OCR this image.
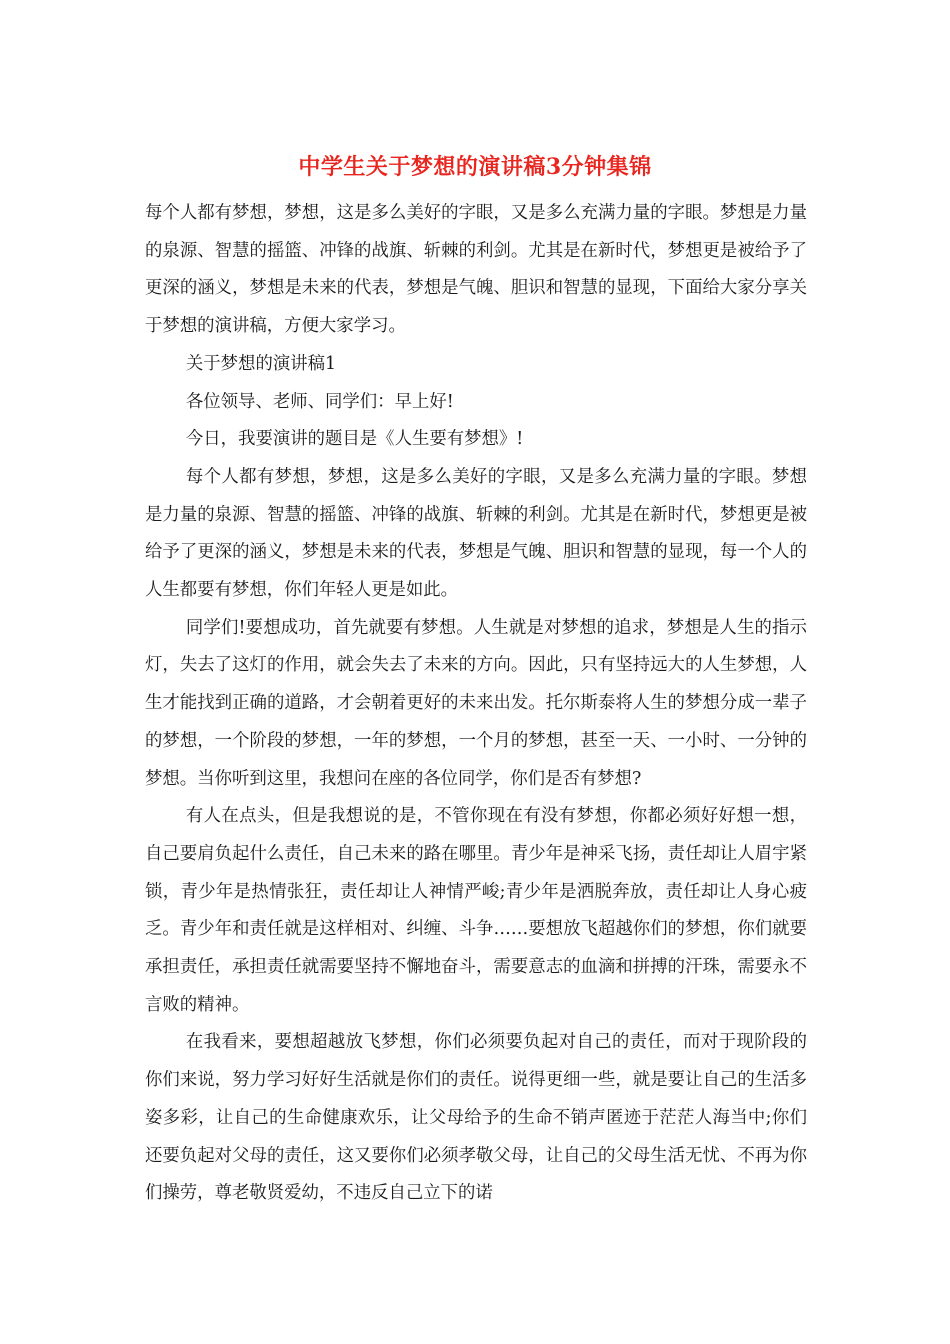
中学生关于梦想的演讲稿3分钟集锦

每个人都有梦想，梦想，这是多么美好的字眼，又是多么充满力量的字眼。梦想是力量的泉源、智慧的摇篮、冲锋的战旗、斩棘的利剑。尤其是在新时代，梦想更是被给予了更深的涵义，梦想是未来的代表，梦想是气魄、胆识和智慧的显现，下面给大家分享关于梦想的演讲稿，方便大家学习。

关于梦想的演讲稿1

各位领导、老师、同学们：早上好!

今日，我要演讲的题目是《人生要有梦想》!

每个人都有梦想，梦想，这是多么美好的字眼，又是多么充满力量的字眼。梦想是力量的泉源、智慧的摇篮、冲锋的战旗、斩棘的利剑。尤其是在新时代，梦想更是被给予了更深的涵义，梦想是未来的代表，梦想是气魄、胆识和智慧的显现，每一个人的人生都要有梦想，你们年轻人更是如此。

同学们!要想成功，首先就要有梦想。人生就是对梦想的追求，梦想是人生的指示灯，失去了这灯的作用，就会失去了未来的方向。因此，只有坚持远大的人生梦想，人生才能找到正确的道路，才会朝着更好的未来出发。托尔斯泰将人生的梦想分成一辈子的梦想，一个阶段的梦想，一年的梦想，一个月的梦想，甚至一天、一小时、一分钟的梦想。当你听到这里，我想问在座的各位同学，你们是否有梦想?

有人在点头，但是我想说的是，不管你现在有没有梦想，你都必须好好想一想，自己要肩负起什么责任，自己未来的路在哪里。青少年是神采飞扬，责任却让人眉宇紧锁，青少年是热情张狂，责任却让人神情严峻;青少年是洒脱奔放，责任却让人身心疲乏。青少年和责任就是这样相对、纠缠、斗争……要想放飞超越你们的梦想，你们就要承担责任，承担责任就需要坚持不懈地奋斗，需要意志的血滴和拼搏的汗珠，需要永不言败的精神。

在我看来，要想超越放飞梦想，你们必须要负起对自己的责任，而对于现阶段的你们来说，努力学习好好生活就是你们的责任。说得更细一些，就是要让自己的生活多姿多彩，让自己的生命健康欢乐，让父母给予的生命不销声匿迹于茫茫人海当中;你们还要负起对父母的责任，这又要你们必须孝敬父母，让自己的父母生活无忧、不再为你们操劳，尊老敬贤爱幼，不违反自己立下的诺
